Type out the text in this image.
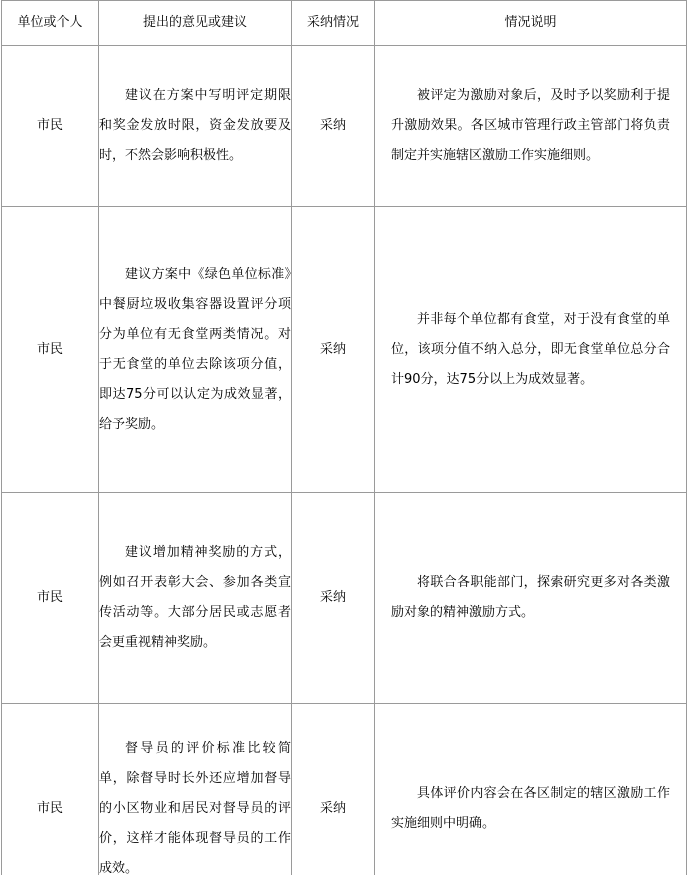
单位或个人	提出的意见或建议	采纳情况	情况说明
市民	建议在方案中写明评定期限和奖金发放时限，资金发放要及时，不然会影响积极性。	采纳	被评定为激励对象后，及时予以奖励利于提升激励效果。各区城市管理行政主管部门将负责制定并实施辖区激励工作实施细则。
市民	建议方案中《绿色单位标准》中餐厨垃圾收集容器设置评分项分为单位有无食堂两类情况。对于无食堂的单位去除该项分值，即达75分可以认定为成效显著，给予奖励。	采纳	并非每个单位都有食堂，对于没有食堂的单位，该项分值不纳入总分，即无食堂单位总分合计90分，达75分以上为成效显著。
市民	建议增加精神奖励的方式，例如召开表彰大会、参加各类宣传活动等。大部分居民或志愿者会更重视精神奖励。	采纳	将联合各职能部门，探索研究更多对各类激励对象的精神激励方式。
市民	督导员的评价标准比较简单，除督导时长外还应增加督导的小区物业和居民对督导员的评价，这样才能体现督导员的工作成效。	采纳	具体评价内容会在各区制定的辖区激励工作实施细则中明确。
